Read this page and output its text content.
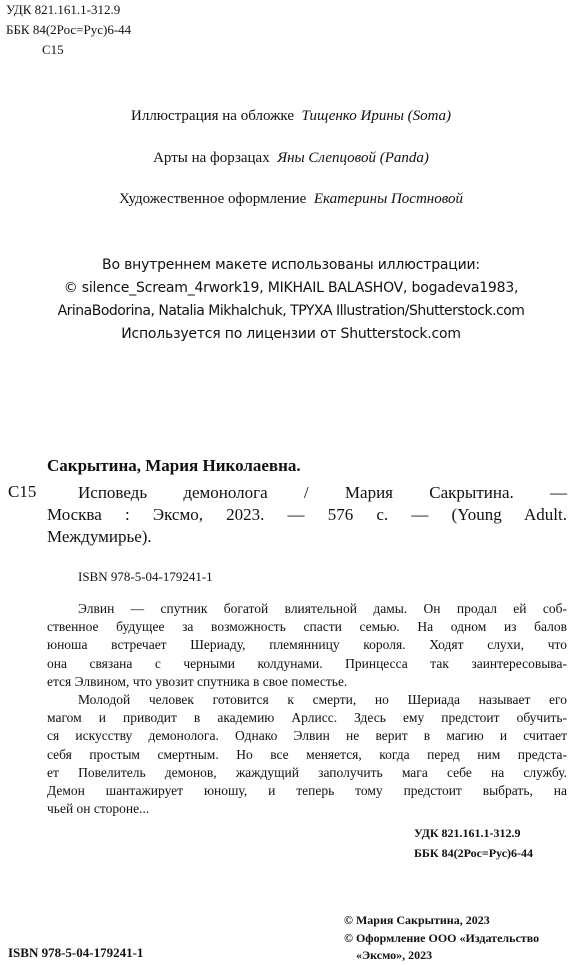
УДК 821.161.1-312.9
ББК 84(2Рос=Рус)6-44
С15
Иллюстрация на обложке Тищенко Ирины (Soma)
Арты на форзацах Яны Слепцовой (Panda)
Художественное оформление Екатерины Постновой
Во внутреннем макете использованы иллюстрации:
© silence_Scream_4rwork19, MIKHAIL BALASHOV, bogadeva1983,
ArinaBodorina, Natalia Mikhalchuk, TPYXA Illustration/Shutterstock.com
Используется по лицензии от Shutterstock.com
Сакрытина, Мария Николаевна.
С15	Исповедь демонолога / Мария Сакрытина. —
Москва : Эксмо, 2023. — 576 с. — (Young Adult.
Междумирье).
ISBN 978-5-04-179241-1
Элвин — спутник богатой влиятельной дамы. Он продал ей соб-
ственное будущее за возможность спасти семью. На одном из балов
юноша встречает Шериаду, племянницу короля. Ходят слухи, что
она связана с черными колдунами. Принцесса так заинтересовыва-
ется Элвином, что увозит спутника в свое поместье.
Молодой человек готовится к смерти, но Шериада называет его
магом и приводит в академию Арлисс. Здесь ему предстоит обучить-
ся искусству демонолога. Однако Элвин не верит в магию и считает
себя простым смертным. Но все меняется, когда перед ним предста-
ет Повелитель демонов, жаждущий заполучить мага себе на службу.
Демон шантажирует юношу, и теперь тому предстоит выбрать, на
чьей он стороне...
УДК 821.161.1-312.9
ББК 84(2Рос=Рус)6-44
© Мария Сакрытина, 2023
© Оформление ООО «Издательство
«Эксмо», 2023
ISBN 978-5-04-179241-1
